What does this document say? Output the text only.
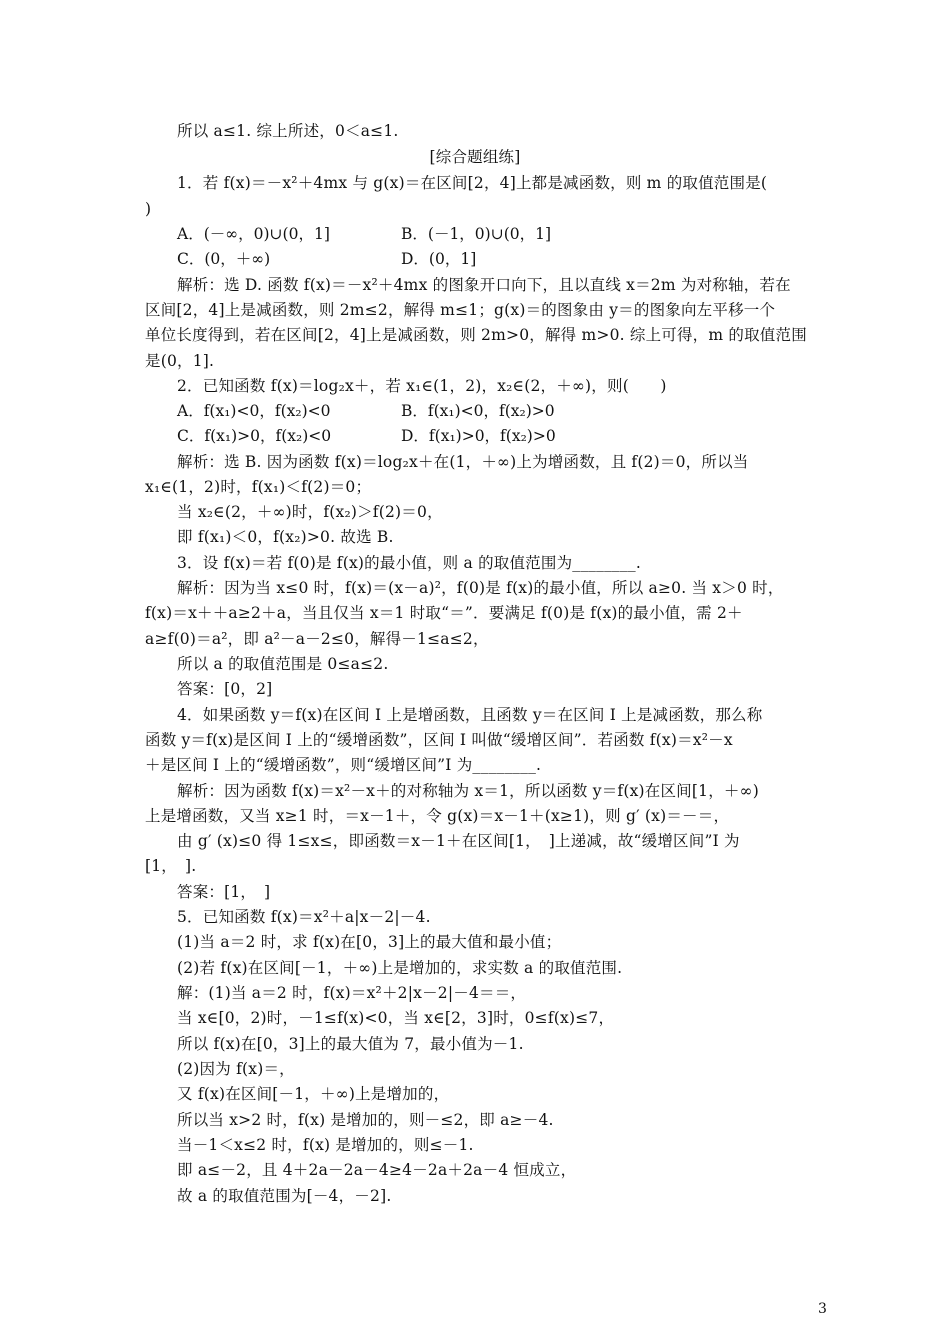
所以 a≤1. 综上所述，0＜a≤1.
[综合题组练]
1．若 f(x)＝－x²＋4mx 与 g(x)＝在区间[2，4]上都是减函数，则 m 的取值范围是(
)
A．(－∞，0)∪(0，1]	B．(－1，0)∪(0，1]
C．(0，＋∞)	D．(0，1]
解析：选 D. 函数 f(x)＝－x²＋4mx 的图象开口向下，且以直线 x＝2m 为对称轴，若在
区间[2，4]上是减函数，则 2m≤2，解得 m≤1；g(x)＝的图象由 y＝的图象向左平移一个
单位长度得到，若在区间[2，4]上是减函数，则 2m>0，解得 m>0. 综上可得，m 的取值范围
是(0，1].
2．已知函数 f(x)＝log₂x＋，若 x₁∈(1，2)，x₂∈(2，＋∞)，则(　　)
A．f(x₁)<0，f(x₂)<0	B．f(x₁)<0，f(x₂)>0
C．f(x₁)>0，f(x₂)<0	D．f(x₁)>0，f(x₂)>0
解析：选 B. 因为函数 f(x)＝log₂x＋在(1，＋∞)上为增函数，且 f(2)＝0，所以当
x₁∈(1，2)时，f(x₁)＜f(2)＝0；
当 x₂∈(2，＋∞)时，f(x₂)＞f(2)＝0，
即 f(x₁)＜0，f(x₂)>0. 故选 B.
3．设 f(x)＝若 f(0)是 f(x)的最小值，则 a 的取值范围为________.
解析：因为当 x≤0 时，f(x)＝(x－a)²，f(0)是 f(x)的最小值，所以 a≥0. 当 x＞0 时，
f(x)＝x＋＋a≥2＋a，当且仅当 x＝1 时取“＝”．要满足 f(0)是 f(x)的最小值，需 2＋
a≥f(0)＝a²，即 a²－a－2≤0，解得－1≤a≤2，
所以 a 的取值范围是 0≤a≤2.
答案：[0，2]
4．如果函数 y＝f(x)在区间 I 上是增函数，且函数 y＝在区间 I 上是减函数，那么称
函数 y＝f(x)是区间 I 上的“缓增函数”，区间 I 叫做“缓增区间”．若函数 f(x)＝x²－x
＋是区间 I 上的“缓增函数”，则“缓增区间”I 为________.
解析：因为函数 f(x)＝x²－x＋的对称轴为 x＝1，所以函数 y＝f(x)在区间[1，＋∞)
上是增函数，又当 x≥1 时，＝x－1＋，令 g(x)＝x－1＋(x≥1)，则 g′ (x)＝－＝，
由 g′ (x)≤0 得 1≤x≤，即函数＝x－1＋在区间[1，　]上递减，故“缓增区间”I 为
[1，　].
答案：[1，　]
5．已知函数 f(x)＝x²＋a|x－2|－4.
(1)当 a＝2 时，求 f(x)在[0，3]上的最大值和最小值；
(2)若 f(x)在区间[－1，＋∞)上是增加的，求实数 a 的取值范围.
解：(1)当 a＝2 时，f(x)＝x²＋2|x－2|－4＝＝，
当 x∈[0，2)时，－1≤f(x)<0，当 x∈[2，3]时，0≤f(x)≤7，
所以 f(x)在[0，3]上的最大值为 7，最小值为－1.
(2)因为 f(x)＝，
又 f(x)在区间[－1，＋∞)上是增加的，
所以当 x>2 时，f(x) 是增加的，则－≤2，即 a≥－4.
当－1＜x≤2 时，f(x) 是增加的，则≤－1.
即 a≤－2，且 4＋2a－2a－4≥4－2a＋2a－4 恒成立，
故 a 的取值范围为[－4，－2].
3
